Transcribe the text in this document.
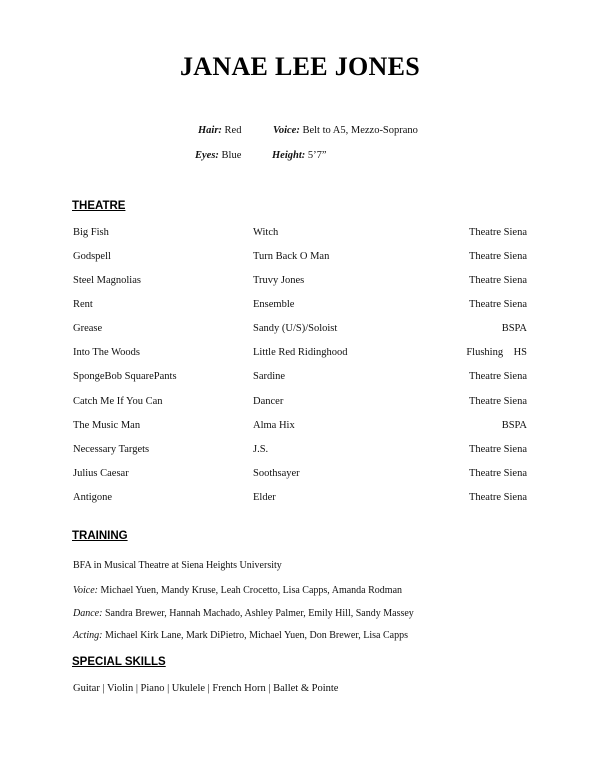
JANAE LEE JONES
Hair: Red	Voice: Belt to A5, Mezzo-Soprano
Eyes: Blue	Height: 5’7”
THEATRE
Big Fish	Witch	Theatre Siena
Godspell	Turn Back O Man	Theatre Siena
Steel Magnolias	Truvy Jones	Theatre Siena
Rent	Ensemble	Theatre Siena
Grease	Sandy (U/S)/Soloist	BSPA
Into The Woods	Little Red Ridinghood	Flushing    HS
SpongeBob SquarePants	Sardine	Theatre Siena
Catch Me If You Can	Dancer	Theatre Siena
The Music Man	Alma Hix	BSPA
Necessary Targets	J.S.	Theatre Siena
Julius Caesar	Soothsayer	Theatre Siena
Antigone	Elder	Theatre Siena
TRAINING
BFA in Musical Theatre at Siena Heights University
Voice: Michael Yuen, Mandy Kruse, Leah Crocetto, Lisa Capps, Amanda Rodman
Dance: Sandra Brewer, Hannah Machado, Ashley Palmer, Emily Hill, Sandy Massey
Acting: Michael Kirk Lane, Mark DiPietro, Michael Yuen, Don Brewer, Lisa Capps
SPECIAL SKILLS
Guitar | Violin | Piano | Ukulele | French Horn | Ballet & Pointe
